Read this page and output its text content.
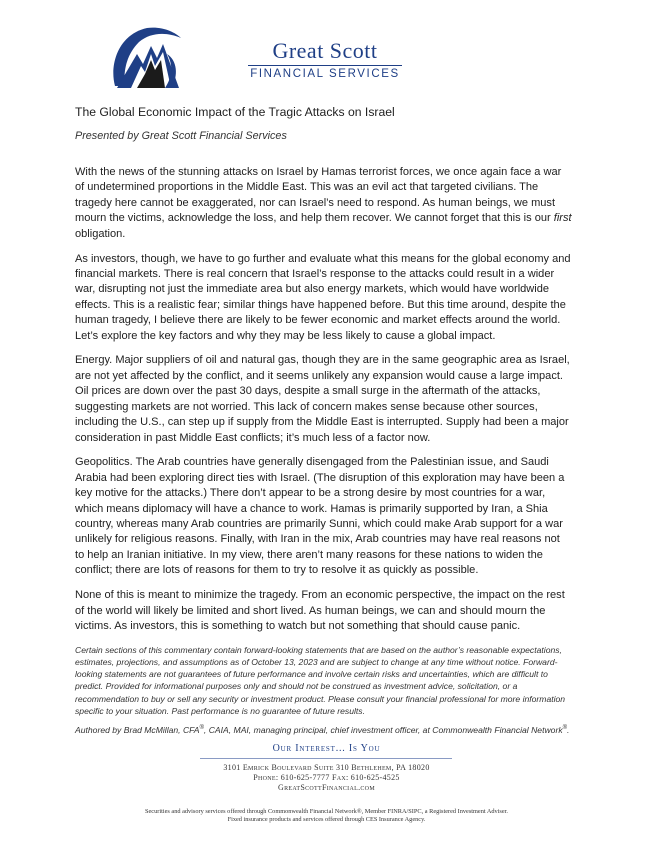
Great Scott
FINANCIAL SERVICES
The Global Economic Impact of the Tragic Attacks on Israel
Presented by Great Scott Financial Services

With the news of the stunning attacks on Israel by Hamas terrorist forces, we once again face a war of undetermined proportions in the Middle East. This was an evil act that targeted civilians. The tragedy here cannot be exaggerated, nor can Israel’s need to respond. As human beings, we must mourn the victims, acknowledge the loss, and help them recover. We cannot forget that this is our first obligation.

As investors, though, we have to go further and evaluate what this means for the global economy and financial markets. There is real concern that Israel’s response to the attacks could result in a wider war, disrupting not just the immediate area but also energy markets, which would have worldwide effects. This is a realistic fear; similar things have happened before. But this time around, despite the human tragedy, I believe there are likely to be fewer economic and market effects around the world. Let’s explore the key factors and why they may be less likely to cause a global impact.

Energy. Major suppliers of oil and natural gas, though they are in the same geographic area as Israel, are not yet affected by the conflict, and it seems unlikely any expansion would cause a large impact. Oil prices are down over the past 30 days, despite a small surge in the aftermath of the attacks, suggesting markets are not worried. This lack of concern makes sense because other sources, including the U.S., can step up if supply from the Middle East is interrupted. Supply had been a major consideration in past Middle East conflicts; it’s much less of a factor now.

Geopolitics. The Arab countries have generally disengaged from the Palestinian issue, and Saudi Arabia had been exploring direct ties with Israel. (The disruption of this exploration may have been a key motive for the attacks.) There don’t appear to be a strong desire by most countries for a war, which means diplomacy will have a chance to work. Hamas is primarily supported by Iran, a Shia country, whereas many Arab countries are primarily Sunni, which could make Arab support for a war unlikely for religious reasons. Finally, with Iran in the mix, Arab countries may have real reasons not to help an Iranian initiative. In my view, there aren’t many reasons for these nations to widen the conflict; there are lots of reasons for them to try to resolve it as quickly as possible.

None of this is meant to minimize the tragedy. From an economic perspective, the impact on the rest of the world will likely be limited and short lived. As human beings, we can and should mourn the victims. As investors, this is something to watch but not something that should cause panic.

Certain sections of this commentary contain forward-looking statements that are based on the author’s reasonable expectations, estimates, projections, and assumptions as of October 13, 2023 and are subject to change at any time without notice. Forward-looking statements are not guarantees of future performance and involve certain risks and uncertainties, which are difficult to predict. Provided for informational purposes only and should not be construed as investment advice, solicitation, or a recommendation to buy or sell any security or investment product. Please consult your financial professional for more information specific to your situation. Past performance is no guarantee of future results.

Authored by Brad McMillan, CFA®, CAIA, MAI, managing principal, chief investment officer, at Commonwealth Financial Network®.

Our Interest... Is You
3101 Emrick Boulevard Suite 310 Bethlehem, PA 18020
Phone: 610-625-7777 Fax: 610-625-4525
GreatScottFinancial.com
Securities and advisory services offered through Commonwealth Financial Network®, Member FINRA/SIPC, a Registered Investment Adviser.
Fixed insurance products and services offered through CES Insurance Agency.
